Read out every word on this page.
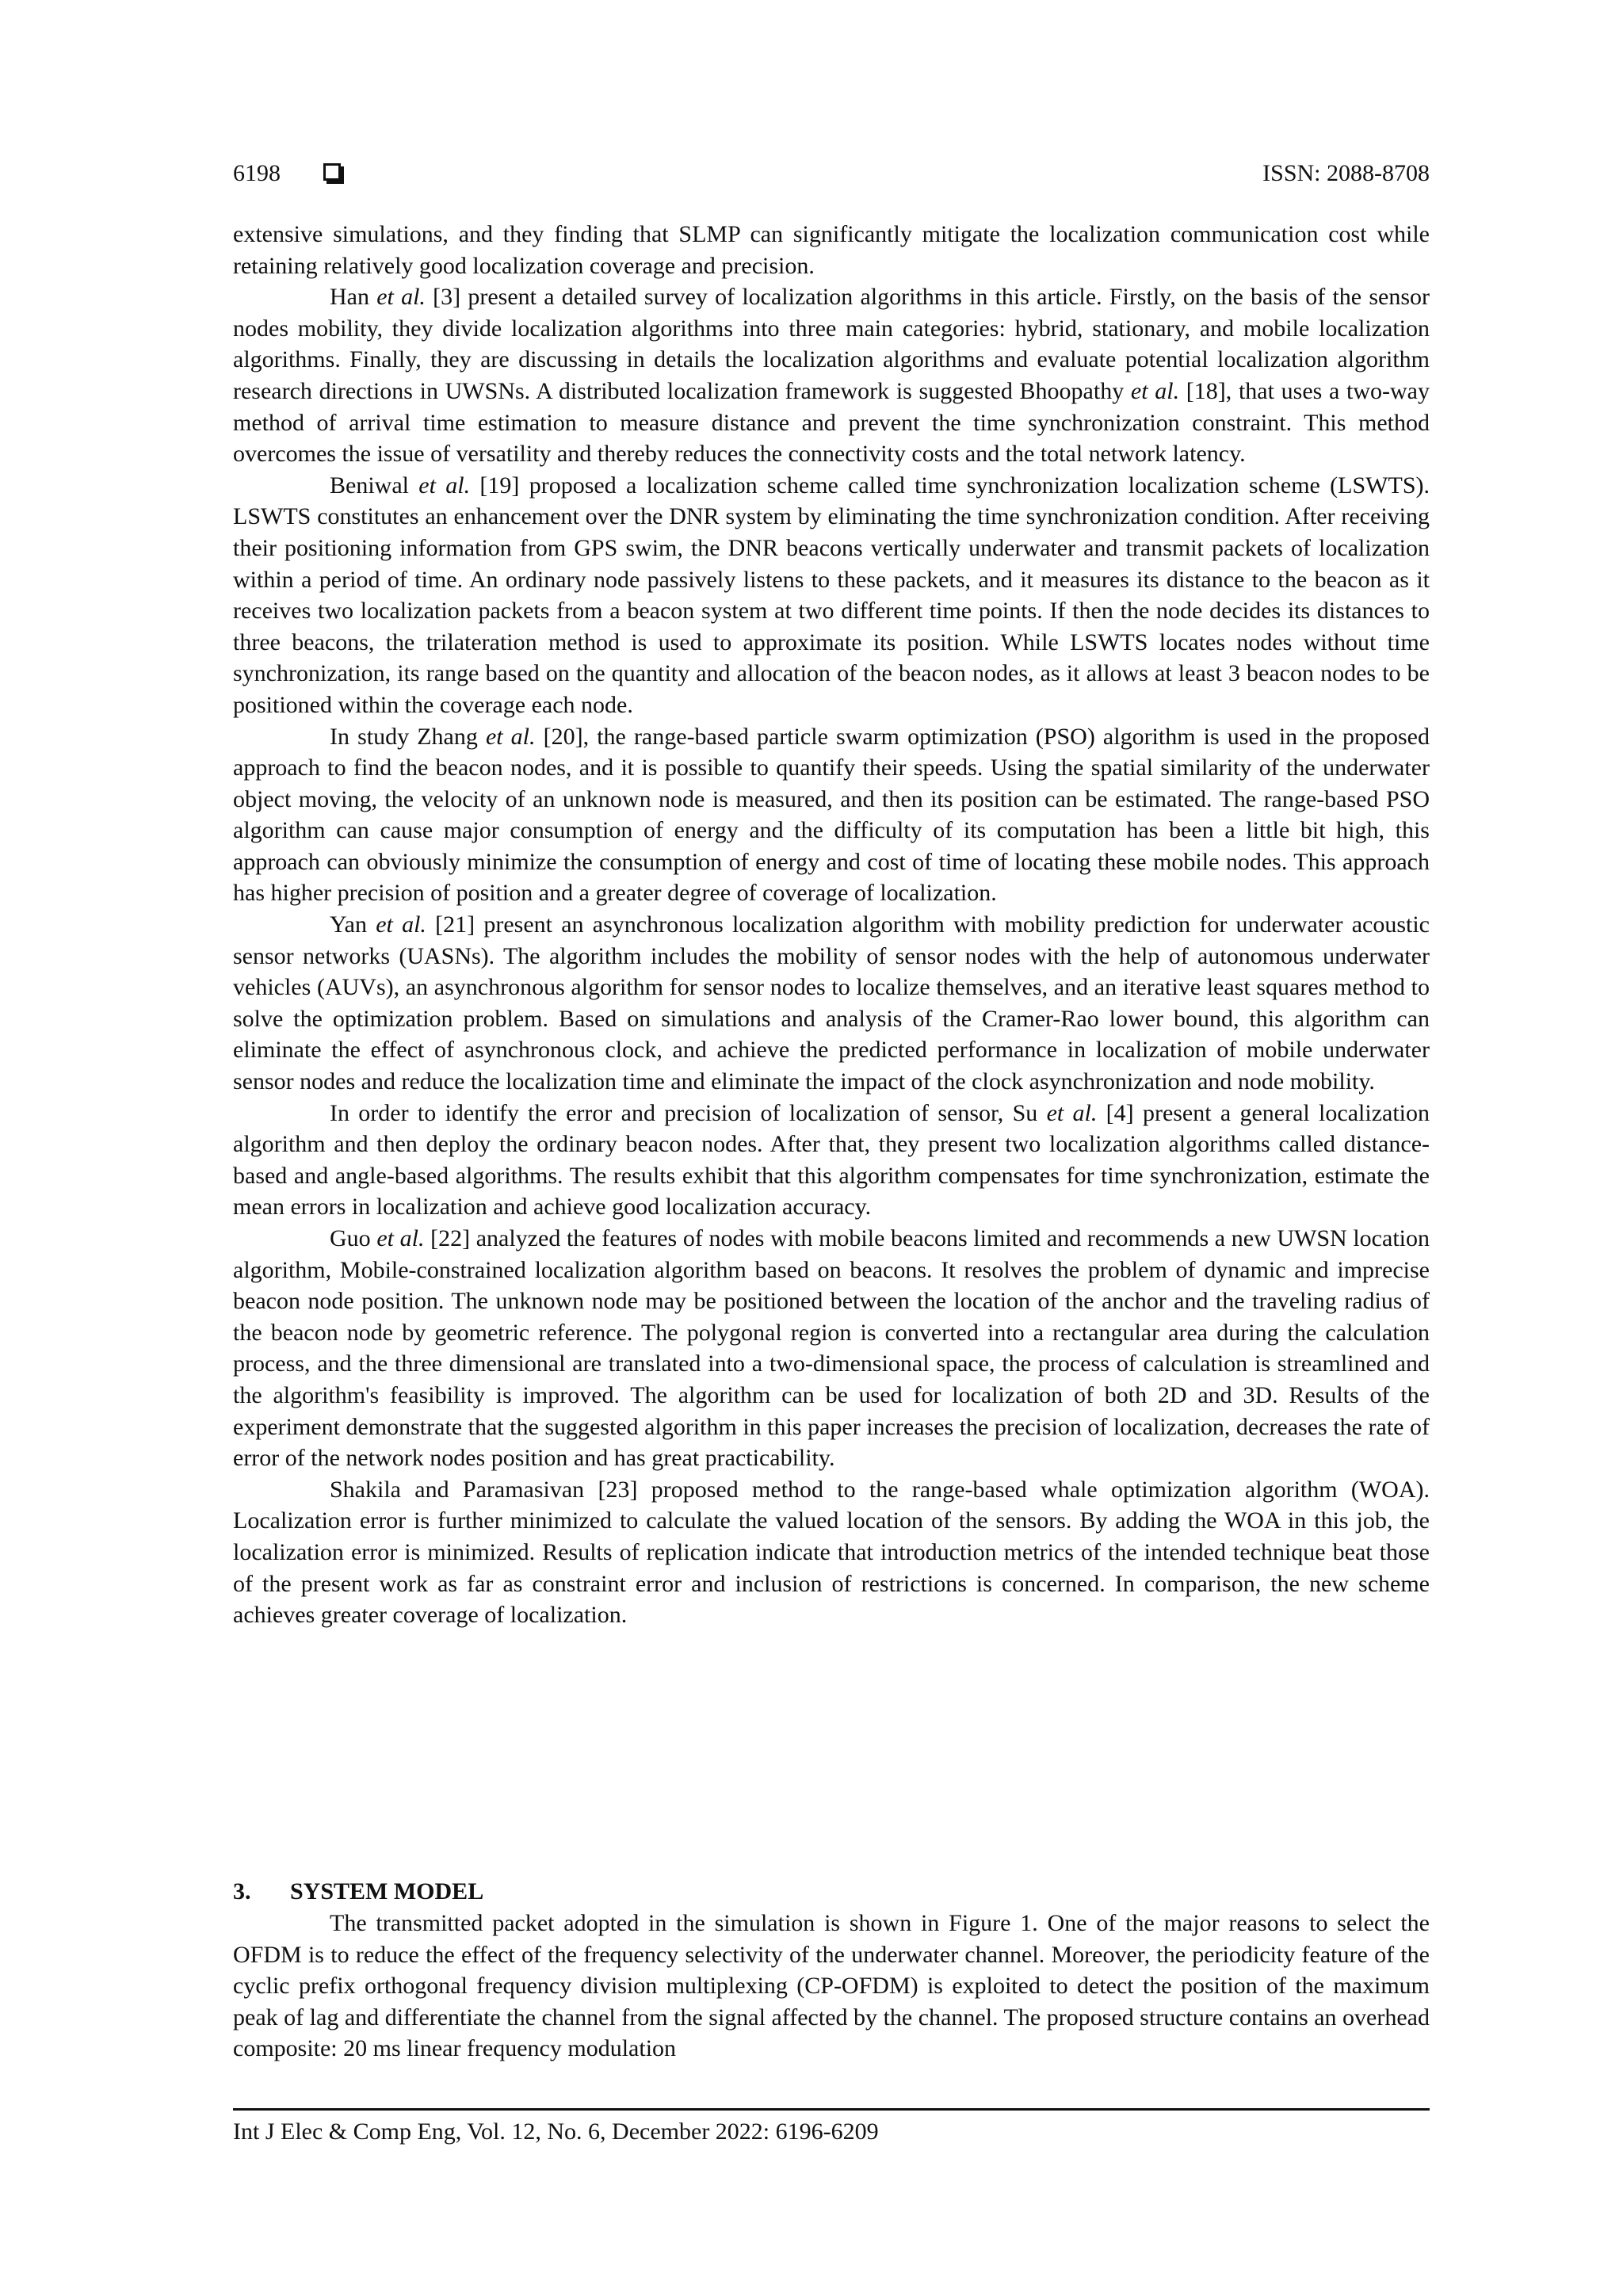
6198	ISSN: 2088-8708

extensive simulations, and they finding that SLMP can significantly mitigate the localization communication cost while retaining relatively good localization coverage and precision.

Han et al. [3] present a detailed survey of localization algorithms in this article. Firstly, on the basis of the sensor nodes mobility, they divide localization algorithms into three main categories: hybrid, stationary, and mobile localization algorithms. Finally, they are discussing in details the localization algorithms and evaluate potential localization algorithm research directions in UWSNs. A distributed localization framework is suggested Bhoopathy et al. [18], that uses a two-way method of arrival time estimation to measure distance and prevent the time synchronization constraint. This method overcomes the issue of versatility and thereby reduces the connectivity costs and the total network latency.

Beniwal et al. [19] proposed a localization scheme called time synchronization localization scheme (LSWTS). LSWTS constitutes an enhancement over the DNR system by eliminating the time synchronization condition. After receiving their positioning information from GPS swim, the DNR beacons vertically underwater and transmit packets of localization within a period of time. An ordinary node passively listens to these packets, and it measures its distance to the beacon as it receives two localization packets from a beacon system at two different time points. If then the node decides its distances to three beacons, the trilateration method is used to approximate its position. While LSWTS locates nodes without time synchronization, its range based on the quantity and allocation of the beacon nodes, as it allows at least 3 beacon nodes to be positioned within the coverage each node.

In study Zhang et al. [20], the range-based particle swarm optimization (PSO) algorithm is used in the proposed approach to find the beacon nodes, and it is possible to quantify their speeds. Using the spatial similarity of the underwater object moving, the velocity of an unknown node is measured, and then its position can be estimated. The range-based PSO algorithm can cause major consumption of energy and the difficulty of its computation has been a little bit high, this approach can obviously minimize the consumption of energy and cost of time of locating these mobile nodes. This approach has higher precision of position and a greater degree of coverage of localization.

Yan et al. [21] present an asynchronous localization algorithm with mobility prediction for underwater acoustic sensor networks (UASNs). The algorithm includes the mobility of sensor nodes with the help of autonomous underwater vehicles (AUVs), an asynchronous algorithm for sensor nodes to localize themselves, and an iterative least squares method to solve the optimization problem. Based on simulations and analysis of the Cramer-Rao lower bound, this algorithm can eliminate the effect of asynchronous clock, and achieve the predicted performance in localization of mobile underwater sensor nodes and reduce the localization time and eliminate the impact of the clock asynchronization and node mobility.

In order to identify the error and precision of localization of sensor, Su et al. [4] present a general localization algorithm and then deploy the ordinary beacon nodes. After that, they present two localization algorithms called distance-based and angle-based algorithms. The results exhibit that this algorithm compensates for time synchronization, estimate the mean errors in localization and achieve good localization accuracy.

Guo et al. [22] analyzed the features of nodes with mobile beacons limited and recommends a new UWSN location algorithm, Mobile-constrained localization algorithm based on beacons. It resolves the problem of dynamic and imprecise beacon node position. The unknown node may be positioned between the location of the anchor and the traveling radius of the beacon node by geometric reference. The polygonal region is converted into a rectangular area during the calculation process, and the three dimensional are translated into a two-dimensional space, the process of calculation is streamlined and the algorithm's feasibility is improved. The algorithm can be used for localization of both 2D and 3D. Results of the experiment demonstrate that the suggested algorithm in this paper increases the precision of localization, decreases the rate of error of the network nodes position and has great practicability.

Shakila and Paramasivan [23] proposed method to the range-based whale optimization algorithm (WOA). Localization error is further minimized to calculate the valued location of the sensors. By adding the WOA in this job, the localization error is minimized. Results of replication indicate that introduction metrics of the intended technique beat those of the present work as far as constraint error and inclusion of restrictions is concerned. In comparison, the new scheme achieves greater coverage of localization.

3. SYSTEM MODEL

The transmitted packet adopted in the simulation is shown in Figure 1. One of the major reasons to select the OFDM is to reduce the effect of the frequency selectivity of the underwater channel. Moreover, the periodicity feature of the cyclic prefix orthogonal frequency division multiplexing (CP-OFDM) is exploited to detect the position of the maximum peak of lag and differentiate the channel from the signal affected by the channel. The proposed structure contains an overhead composite: 20 ms linear frequency modulation

Int J Elec & Comp Eng, Vol. 12, No. 6, December 2022: 6196-6209
